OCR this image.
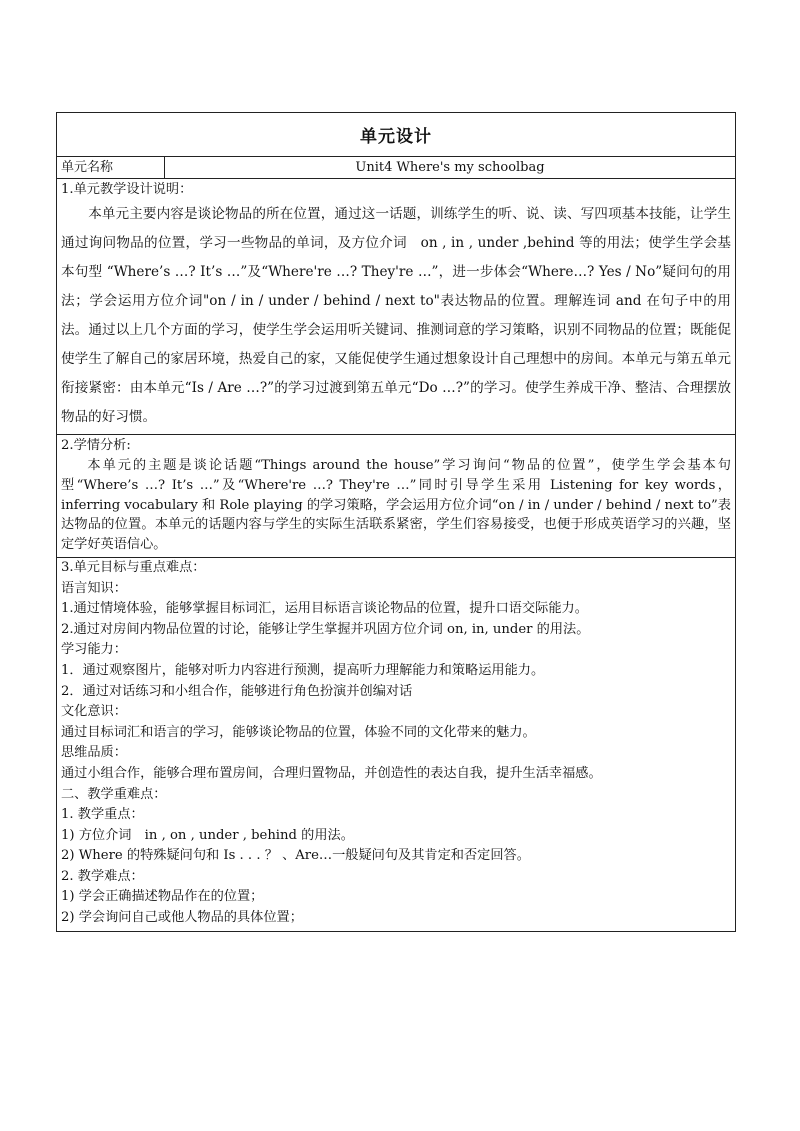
单元设计
单元名称	Unit4 Where's my schoolbag
1.单元教学设计说明：

本单元主要内容是谈论物品的所在位置，通过这一话题，训练学生的听、说、读、写四项基本技能，让学生通过询问物品的位置，学习一些物品的单词，及方位介词　on , in , under ,behind 等的用法；使学生学会基本句型 “Where’s …? It’s …”及“Where're …? They're …”，进一步体会“Where…? Yes / No”疑问句的用法；学会运用方位介词"on / in / under / behind / next to"表达物品的位置。理解连词 and 在句子中的用法。通过以上几个方面的学习，使学生学会运用听关键词、推测词意的学习策略，识别不同物品的位置；既能促使学生了解自己的家居环境，热爱自己的家，又能促使学生通过想象设计自己理想中的房间。本单元与第五单元衔接紧密：由本单元“Is / Are …?”的学习过渡到第五单元“Do …?”的学习。使学生养成干净、整洁、合理摆放物品的好习惯。

2.学情分析:

本单元的主题是谈论话题“Things around the house”学习询问“物品的位置”，使学生学会基本句型“Where’s …? It’s …”及“Where're …? They're …”同时引导学生采用 Listening for key words，inferring vocabulary 和 Role playing 的学习策略，学会运用方位介词“on / in / under / behind / next to”表达物品的位置。本单元的话题内容与学生的实际生活联系紧密，学生们容易接受，也便于形成英语学习的兴趣，坚定学好英语信心。

3.单元目标与重点难点：
语言知识：
1.通过情境体验，能够掌握目标词汇，运用目标语言谈论物品的位置，提升口语交际能力。
2.通过对房间内物品位置的讨论，能够让学生掌握并巩固方位介词 on, in, under 的用法。
学习能力：
1．通过观察图片，能够对听力内容进行预测，提高听力理解能力和策略运用能力。
2．通过对话练习和小组合作，能够进行角色扮演并创编对话
文化意识：
通过目标词汇和语言的学习，能够谈论物品的位置，体验不同的文化带来的魅力。
思维品质：
通过小组合作，能够合理布置房间，合理归置物品，并创造性的表达自我，提升生活幸福感。
二、教学重难点：
1. 教学重点：
1) 方位介词　in , on , under , behind 的用法。
2) Where 的特殊疑问句和 Is . . . ？ 、Are…一般疑问句及其肯定和否定回答。
2. 教学难点：
1) 学会正确描述物品作在的位置；
2) 学会询问自己或他人物品的具体位置；
